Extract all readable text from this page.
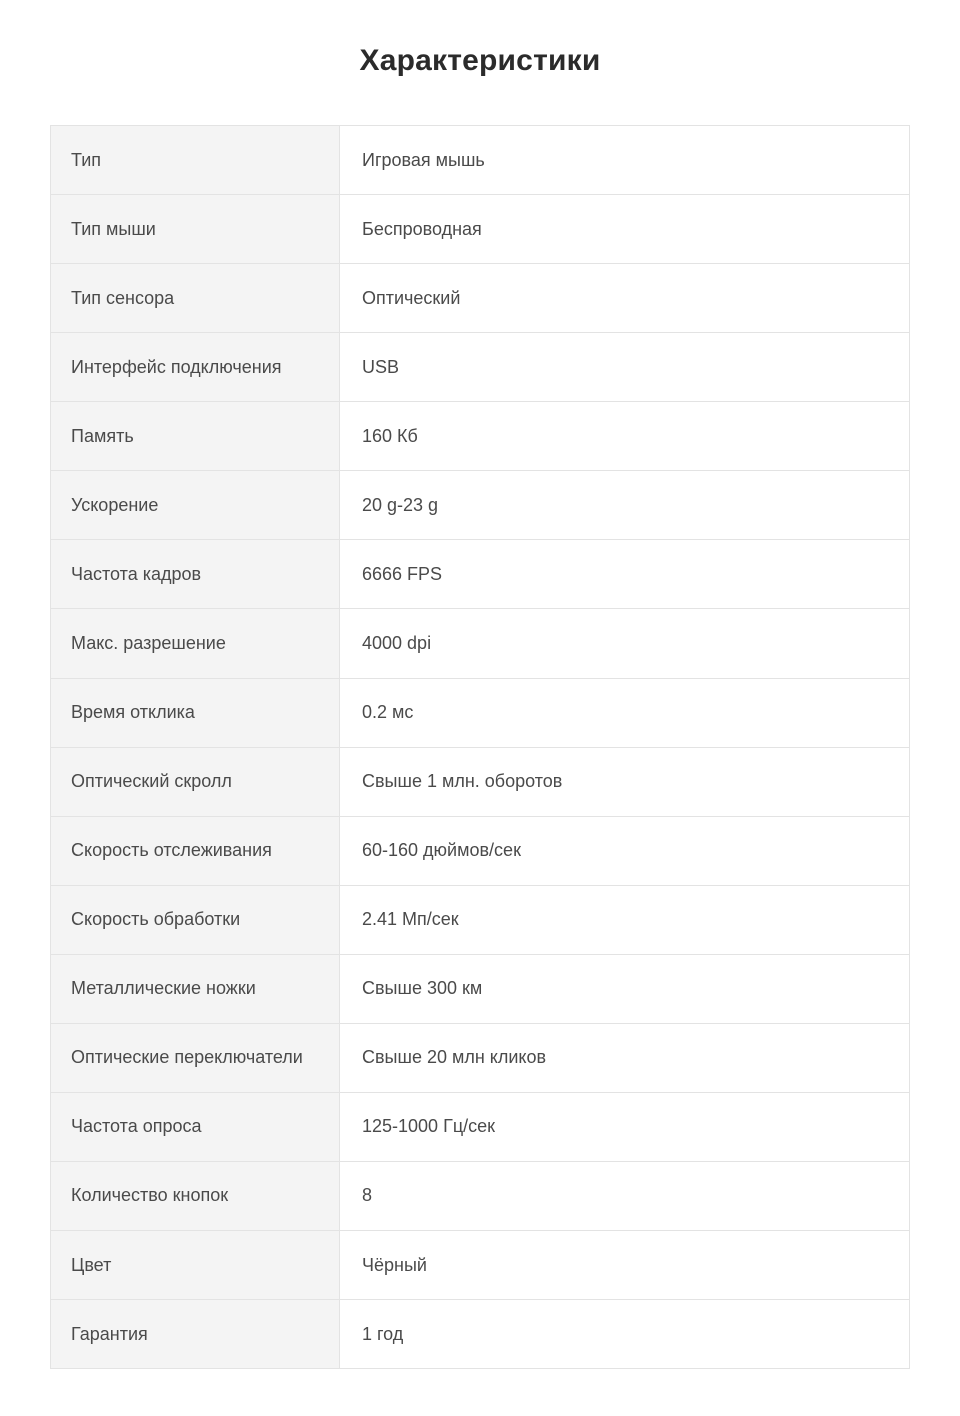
Характеристики
Тип	Игровая мышь
Тип мыши	Беспроводная
Тип сенсора	Оптический
Интерфейс подключения	USB
Память	160 Кб
Ускорение	20 g-23 g
Частота кадров	6666 FPS
Макс. разрешение	4000 dpi
Время отклика	0.2 мс
Оптический скролл	Свыше 1 млн. оборотов
Скорость отслеживания	60-160 дюймов/сек
Скорость обработки	2.41 Мп/сек
Металлические ножки	Свыше 300 км
Оптические переключатели	Свыше 20 млн кликов
Частота опроса	125-1000 Гц/сек
Количество кнопок	8
Цвет	Чёрный
Гарантия	1 год
